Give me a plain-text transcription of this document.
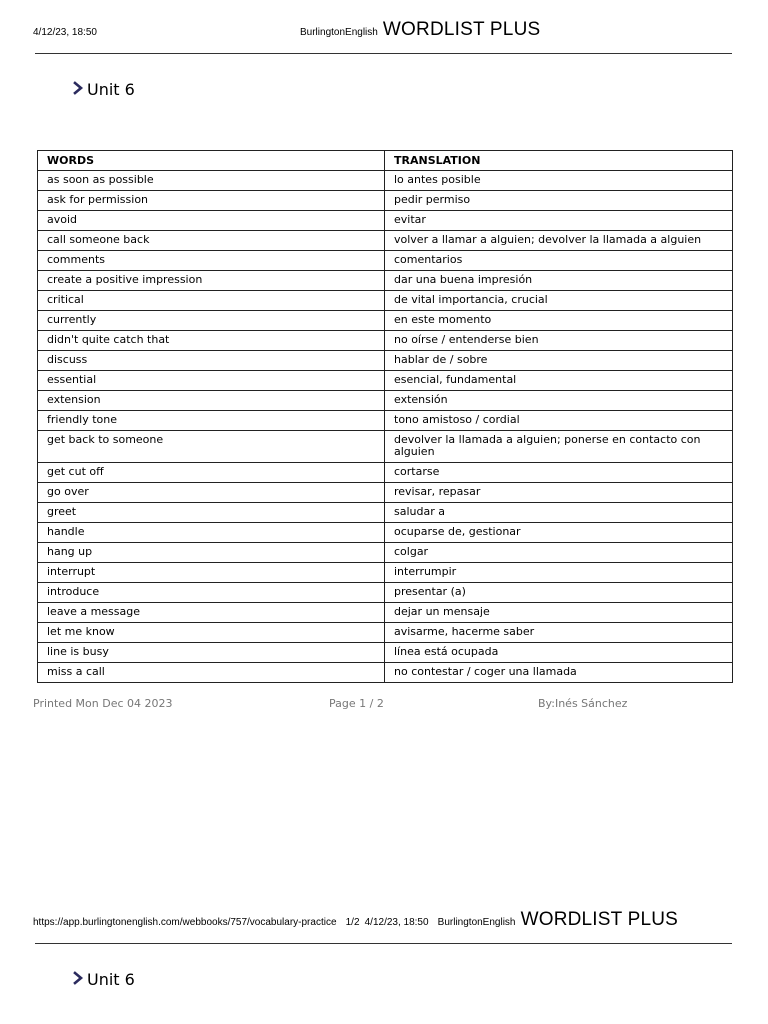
4/12/23, 18:50	BurlingtonEnglish WORDLIST PLUS
Unit 6
WORDS	TRANSLATION
as soon as possible	lo antes posible
ask for permission	pedir permiso
avoid	evitar
call someone back	volver a llamar a alguien; devolver la llamada a alguien
comments	comentarios
create a positive impression	dar una buena impresión
critical	de vital importancia, crucial
currently	en este momento
didn't quite catch that	no oírse / entenderse bien
discuss	hablar de / sobre
essential	esencial, fundamental
extension	extensión
friendly tone	tono amistoso / cordial
get back to someone	devolver la llamada a alguien; ponerse en contacto con alguien
get cut off	cortarse
go over	revisar, repasar
greet	saludar a
handle	ocuparse de, gestionar
hang up	colgar
interrupt	interrumpir
introduce	presentar (a)
leave a message	dejar un mensaje
let me know	avisarme, hacerme saber
line is busy	línea está ocupada
miss a call	no contestar / coger una llamada
Printed Mon Dec 04 2023	Page 1 / 2	By:Inés Sánchez
https://app.burlingtonenglish.com/webbooks/757/vocabulary-practice 1/2 4/12/23, 18:50 BurlingtonEnglish WORDLIST PLUS
Unit 6
